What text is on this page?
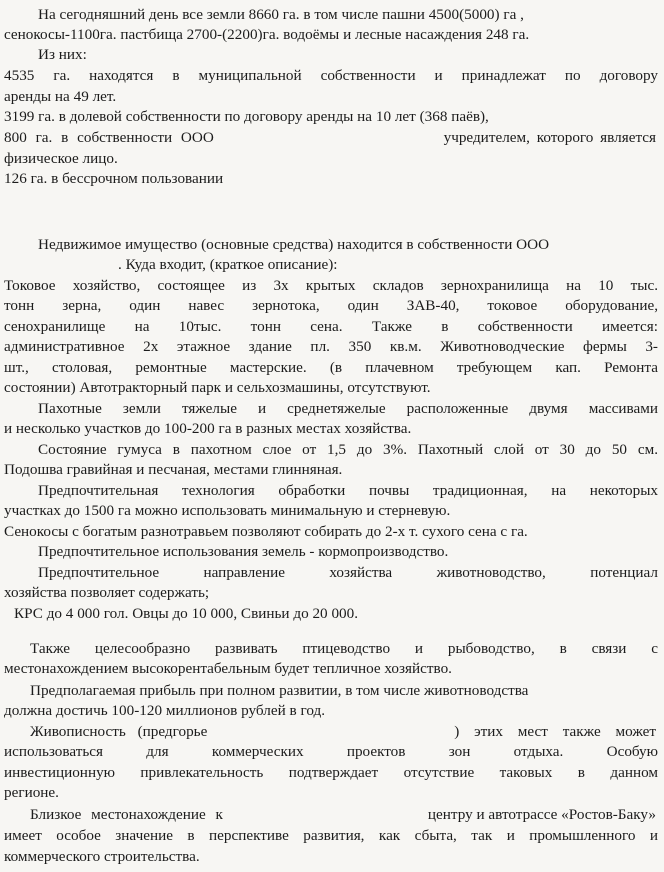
На сегодняшний день все земли 8660 га. в том числе пашни 4500(5000) га ,
сенокосы-1100га. пастбища 2700-(2200)га. водоёмы и лесные насаждения 248 га.
Из них:
4535 га. находятся в муниципальной собственности и принадлежат по договору
аренды на 49 лет.
3199 га. в долевой собственности по договору аренды на 10 лет (368 паёв),
800 га. в собственности ООО	учредителем, которого является
физическое лицо.
126 га. в бессрочном пользовании
Недвижимое имущество (основные средства) находится в собственности ООО
. Куда входит, (краткое описание):
Токовое хозяйство, состоящее из 3х крытых складов зернохранилища на 10 тыс.
тонн зерна, один навес зернотока, один ЗАВ-40, токовое оборудование,
сенохранилище на 10тыс. тонн сена. Также в собственности имеется:
административное 2х этажное здание пл. 350 кв.м. Животноводческие фермы 3-
шт., столовая, ремонтные мастерские. (в плачевном требующем кап. Ремонта
состоянии) Автотракторный парк и сельхозмашины, отсутствуют.
Пахотные земли тяжелые и среднетяжелые расположенные двумя массивами
и несколько участков до 100-200 га в разных местах хозяйства.
Состояние гумуса в пахотном слое от 1,5 до 3%. Пахотный слой от 30 до 50 см.
Подошва гравийная и песчаная, местами глинняная.
Предпочтительная технология обработки почвы традиционная, на некоторых
участках до 1500 га можно использовать минимальную и стерневую.
Сенокосы с богатым разнотравьем позволяют собирать до 2-х т. сухого сена с га.
Предпочтительное использования земель - кормопроизводство.
Предпочтительное направление хозяйства животноводство, потенциал
хозяйства позволяет содержать;
КРС до 4 000 гол. Овцы до 10 000, Свиньи до 20 000.
Также целесообразно развивать птицеводство и рыбоводство, в связи с
местонахождением высокорентабельным будет тепличное хозяйство.
Предполагаемая прибыль при полном развитии, в том числе животноводства
должна достичь 100-120 миллионов рублей в год.
Живописность (предгорье	) этих мест также может
использоваться для коммерческих проектов зон отдыха. Особую
инвестиционную привлекательность подтверждает отсутствие таковых в данном
регионе.
Близкое местонахождение к	центру и автотрассе «Ростов-Баку»
имеет особое значение в перспективе развития, как сбыта, так и промышленного и
коммерческого строительства.
